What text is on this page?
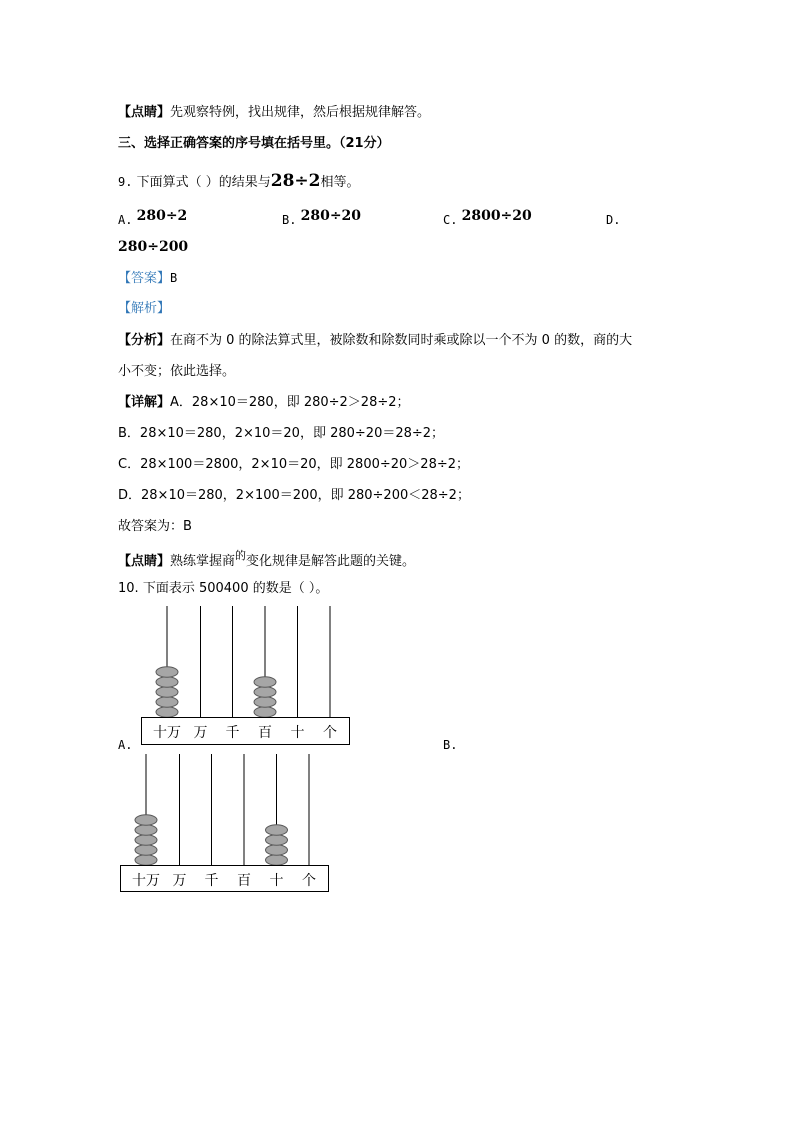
【点睛】先观察特例，找出规律，然后根据规律解答。
三、选择正确答案的序号填在括号里。（21分）
9. 下面算式（ ）的结果与28÷2相等。
A. 280÷2	B. 280÷20	C. 2800÷20	D.
280÷200
【答案】B
【解析】
【分析】在商不为 0 的除法算式里，被除数和除数同时乘或除以一个不为 0 的数，商的大
小不变；依此选择。
【详解】A．28×10＝280，即 280÷2＞28÷2；
B．28×10＝280，2×10＝20，即 280÷20＝28÷2；
C．28×100＝2800，2×10＝20，即 2800÷20＞28÷2；
D．28×10＝280，2×100＝200，即 280÷200＜28÷2；
故答案为：B
【点睛】熟练掌握商$^的$变化规律是解答此题的关键。
10. 下面表示 500400 的数是（ ）。
十万 万 千 百 十 个
A.	B.
十万 万 千 百 十 个
